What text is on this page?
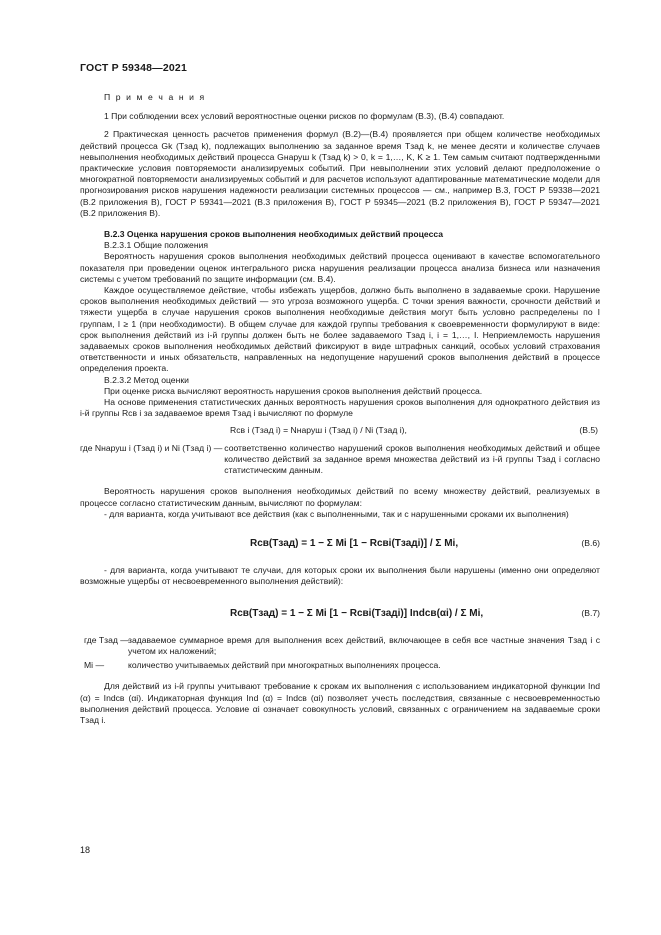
ГОСТ Р 59348—2021

П р и м е ч а н и я

1 При соблюдении всех условий вероятностные оценки рисков по формулам (В.3), (В.4) совпадают.

2 Практическая ценность расчетов применения формул (В.2)—(В.4) проявляется при общем количестве необходимых действий процесса Gk (Tзад k), подлежащих выполнению за заданное время Tзад k, не менее десяти и количестве случаев невыполнения необходимых действий процесса Gнаруш k (Tзад k) > 0, k = 1,…, K, K ≥ 1. Тем самым считают подтвержденными практические условия повторяемости анализируемых событий. При невыполнении этих условий делают предположение о многократной повторяемости анализируемых событий и для расчетов используют адаптированные математические модели для прогнозирования рисков нарушения надежности реализации системных процессов — см., например В.3, ГОСТ Р 59338—2021 (В.2 приложения В), ГОСТ Р 59341—2021 (В.3 приложения В), ГОСТ Р 59345—2021 (В.2 приложения В), ГОСТ Р 59347—2021 (В.2 приложения В).

В.2.3 Оценка нарушения сроков выполнения необходимых действий процесса

В.2.3.1 Общие положения

Вероятность нарушения сроков выполнения необходимых действий процесса оценивают в качестве вспомогательного показателя при проведении оценок интегрального риска нарушения реализации процесса анализа бизнеса или назначения системы с учетом требований по защите информации (см. В.4).

Каждое осуществляемое действие, чтобы избежать ущербов, должно быть выполнено в задаваемые сроки. Нарушение сроков выполнения необходимых действий — это угроза возможного ущерба. С точки зрения важности, срочности действий и тяжести ущерба в случае нарушения сроков выполнения необходимые действия могут быть условно распределены по I группам, I ≥ 1 (при необходимости). В общем случае для каждой группы требования к своевременности формулируют в виде: срок выполнения действий из i-й группы должен быть не более задаваемого Tзад i, i = 1,…, I. Неприемлемость нарушения задаваемых сроков выполнения необходимых действий фиксируют в виде штрафных санкций, особых условий страхования ответственности и иных обязательств, направленных на недопущение нарушений сроков выполнения действий в процессе определения проекта.

В.2.3.2 Метод оценки

При оценке риска вычисляют вероятность нарушения сроков выполнения действий процесса.

На основе применения статистических данных вероятность нарушения сроков выполнения для однократного действия из i-й группы Rсв i за задаваемое время Tзад i вычисляют по формуле

Rсв i (Tзад i) = Nнаруш i (Tзад i) / Ni (Tзад i),	(В.5)
где Nнаруш i (Tзад i) и Ni (Tзад i) — соответственно количество нарушений сроков выполнения необходимых действий и общее количество действий за заданное время множества действий из i-й группы Tзад i согласно статистическим данным.

Вероятность нарушения сроков выполнения необходимых действий по всему множеству действий, реализуемых в процессе согласно статистическим данным, вычисляют по формулам:

- для варианта, когда учитывают все действия (как с выполненными, так и с нарушенными сроками их выполнения)

Rсв(Tзад) = 1 − Σ Mi [1 − Rсвi(Tзадi)] / Σ Mi,	(В.6)

- для варианта, когда учитывают те случаи, для которых сроки их выполнения были нарушены (именно они определяют возможные ущербы от несвоевременного выполнения действий):

Rсв(Tзад) = 1 − Σ Mi [1 − Rсвi(Tзадi)] Indсв(αi) / Σ Mi,	(В.7)
где Tзад — задаваемое суммарное время для выполнения всех действий, включающее в себя все частные значения Tзад i с учетом их наложений;
Mi —	количество учитываемых действий при многократных выполнениях процесса.

Для действий из i-й группы учитывают требование к срокам их выполнения с использованием индикаторной функции Ind (α) = Indсв (αi). Индикаторная функция Ind (α) = Indсв (αi) позволяет учесть последствия, связанные с несвоевременностью выполнения действий процесса. Условие αi означает совокупность условий, связанных с ограничением на задаваемые сроки Tзад i.

18
